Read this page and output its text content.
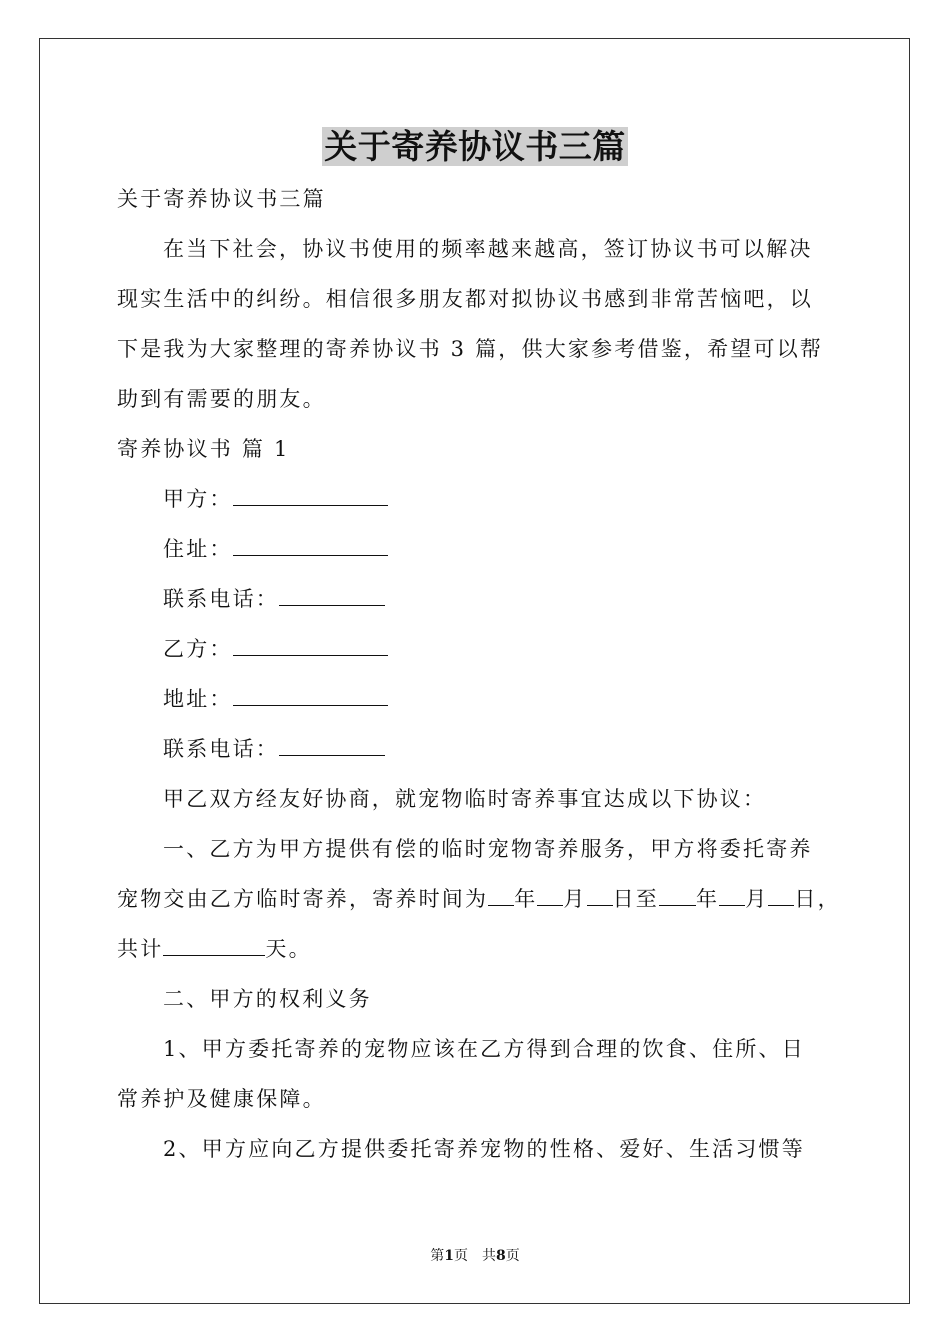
关于寄养协议书三篇
关于寄养协议书三篇
在当下社会，协议书使用的频率越来越高，签订协议书可以解决
现实生活中的纠纷。相信很多朋友都对拟协议书感到非常苦恼吧，以
下是我为大家整理的寄养协议书 3 篇，供大家参考借鉴，希望可以帮
助到有需要的朋友。
寄养协议书 篇 1
甲方：
住址：
联系电话：
乙方：
地址：
联系电话：
甲乙双方经友好协商，就宠物临时寄养事宜达成以下协议：
一、乙方为甲方提供有偿的临时宠物寄养服务，甲方将委托寄养
宠物交由乙方临时寄养，寄养时间为 年 月 日至 年 月 日，
共计	天。
二、甲方的权利义务
1、甲方委托寄养的宠物应该在乙方得到合理的饮食、住所、日
常养护及健康保障。
2、甲方应向乙方提供委托寄养宠物的性格、爱好、生活习惯等
第1页　共8页
